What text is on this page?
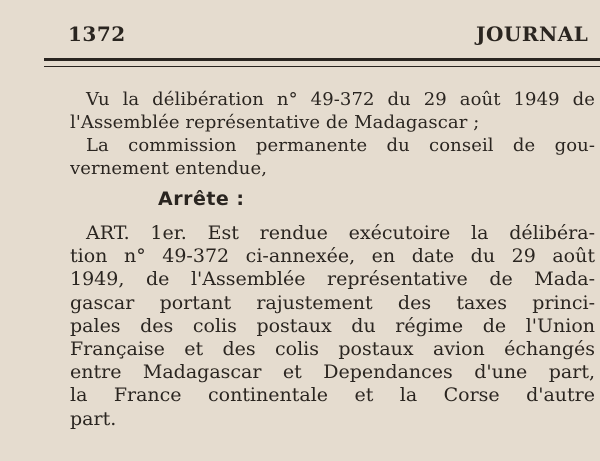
1372	JOURNAL
Vu la délibération n° 49-372 du 29 août 1949 de
l'Assemblée représentative de Madagascar ;
La commission permanente du conseil de gou-
vernement entendue,
Arrête :
ART. 1er. Est rendue exécutoire la délibéra-
tion n° 49-372 ci-annexée, en date du 29 août
1949, de l'Assemblée représentative de Mada-
gascar portant rajustement des taxes princi-
pales des colis postaux du régime de l'Union
Française et des colis postaux avion échangés
entre Madagascar et Dependances d'une part,
la France continentale et la Corse d'autre
part.
